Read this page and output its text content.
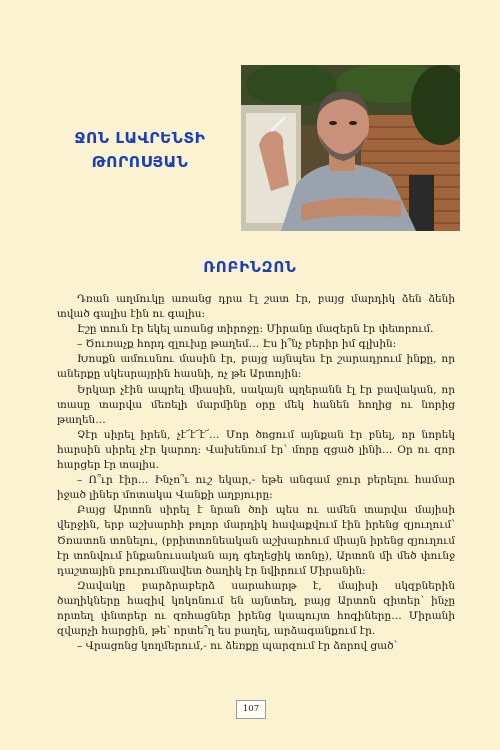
ՋՈՆ ԼԱՎՐԵՆՏԻ
ԹՈՐՈՍՅԱՆ
ՌՈԲԻՆԶՈՆ

Դռան աղմուկը առանց դրա էլ շատ էր, բայց մարդիկ ձեն ձենի տված գալիս էին ու գալիս:

Էշը տուն էր եկել առանց տիրոջը: Միրանը մազերն էր փետրում.

– Ծուռաչք հորդ զլուխը թաղեմ… Էս ի՞նչ բերիր իմ գլխին:

Խոսքն ամուսնու մասին էր, բայց այնպես էր շարադրում ինքը, որ աներքը սկեսրայրին հասնի, ոչ թե Արտոյին:

Երկար չէին ապրել միասին, սակայն պղերանն էլ էր բավական, որ տասը տարվա մեռելի մարմինը օրը մեկ հանեն հողից ու նորից թաղեն…

Չէր սիրել իրեն, չէ՜է՜է՜… Մոր ծոցում այնքան էր բնել, որ նորեկ հարսին սիրել չէր կարող: Վախենում էր՝ մորը զցած լինի… Օր ու զոր հարցեր էր տալիս.

– Ո՞ւր էիր… Ինչո՞ւ ուշ եկար,- եթե անգամ ջուր բերելու համար իջած լիներ մոտակա Վանքի աղբյուրը:

Բայց Արտոն սիրել է նրան ծոի պես ու ամեն տարվա մայիսի վերջին, երբ աշխարհի բոլոր մարդիկ հավաքվում էին իրենց զյուղում՝ Ծռատոն տոնելու, (բրիտտոնեական աշխարհում միայն իրենց զյուղում էր տոնվում ինքանուսական այդ գեղեցիկ տոնը), Արտոն մի մեծ փունջ դաշտային բուրումնավետ ծաղիկ էր նվիրում Միրանին:

Զավակը բարձրաբերձ սարահարթ է, մայիսի սկզբներին ծաղիկները հազիվ կոկոնում են այնտեղ, բայց Արտոն զիտեր՝ ինչը որտեղ փնտրեր ու զռհացներ իրենց կապույտ հոգիները… Միրանի զվարչի հարցին, թե՝ որտե՞ղ ես բաղել, արձագանքում էր.

– Վրացոնց կողմերում,- ու ձեռքը պարզում էր ձորով ցած՝

107
